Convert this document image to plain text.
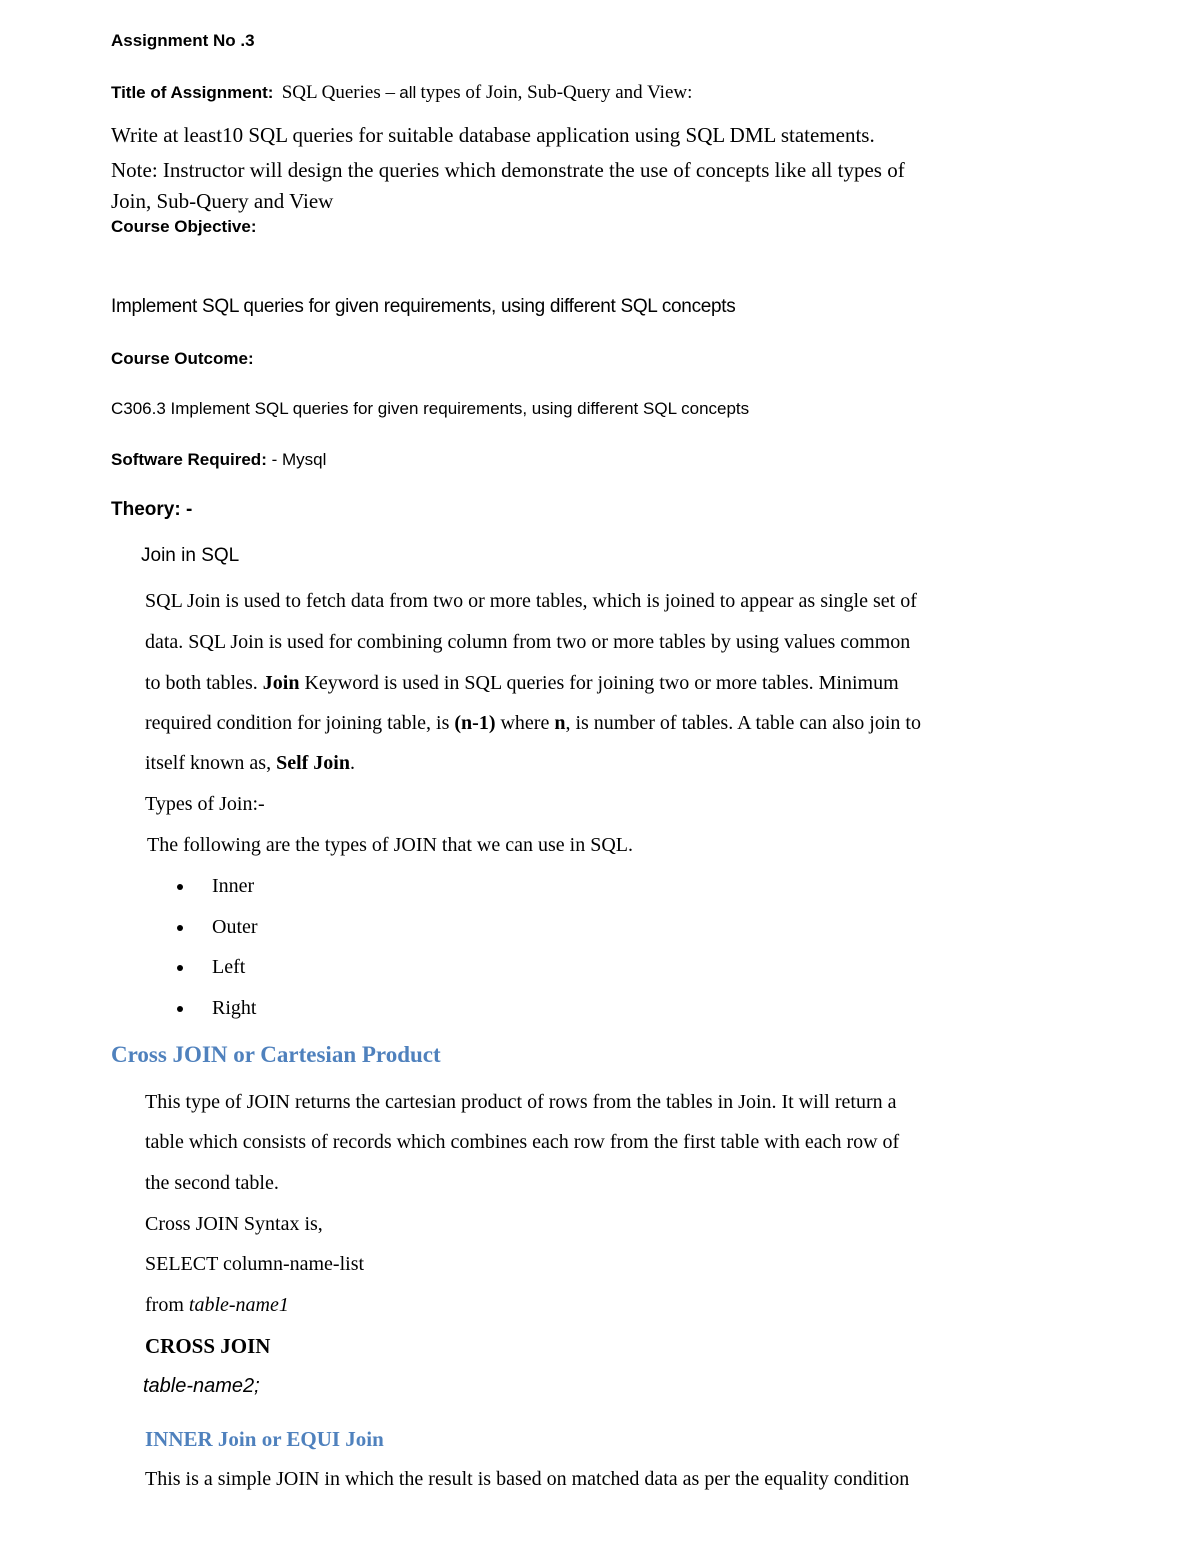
Assignment No .3
Title of Assignment: SQL Queries – all types of Join, Sub-Query and View:
Write at least10 SQL queries for suitable database application using SQL DML statements.
Note: Instructor will design the queries which demonstrate the use of concepts like all types of
Join, Sub-Query and View
Course Objective:
Implement SQL queries for given requirements, using different SQL concepts
Course Outcome:
C306.3 Implement SQL queries for given requirements, using different SQL concepts
Software Required: - Mysql
Theory: -
Join in SQL
SQL Join is used to fetch data from two or more tables, which is joined to appear as single set of
data. SQL Join is used for combining column from two or more tables by using values common
to both tables. Join Keyword is used in SQL queries for joining two or more tables. Minimum
required condition for joining table, is (n-1) where n, is number of tables. A table can also join to
itself known as, Self Join.
Types of Join:-
The following are the types of JOIN that we can use in SQL.
Inner
Outer
Left
Right
Cross JOIN or Cartesian Product
This type of JOIN returns the cartesian product of rows from the tables in Join. It will return a
table which consists of records which combines each row from the first table with each row of
the second table.
Cross JOIN Syntax is,
SELECT column-name-list
from table-name1
CROSS JOIN
table-name2;
INNER Join or EQUI Join
This is a simple JOIN in which the result is based on matched data as per the equality condition
